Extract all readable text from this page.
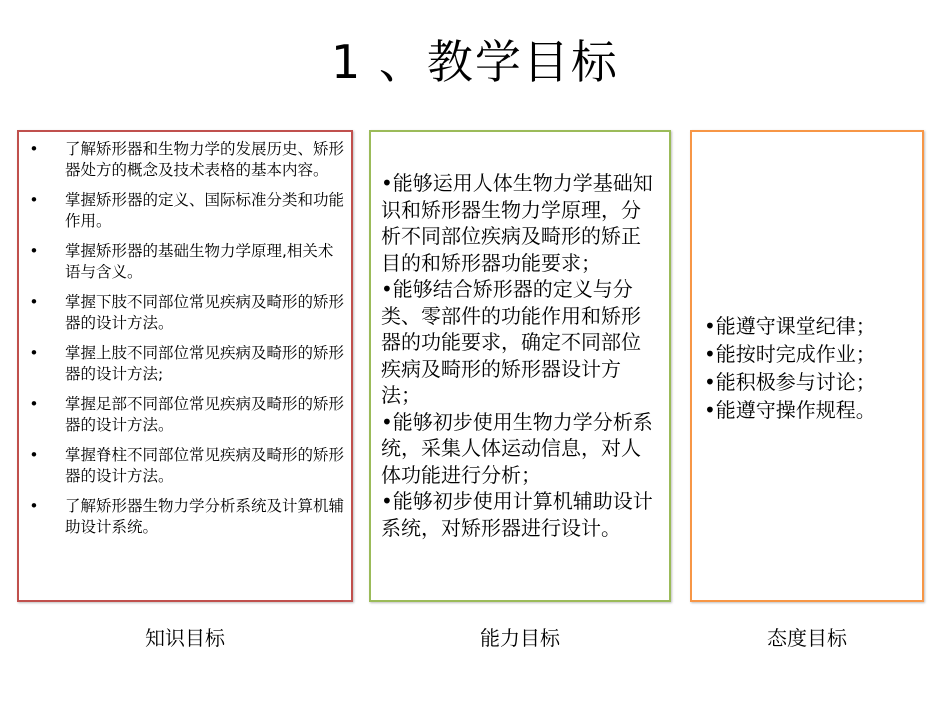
1 、教学目标
• 了解矫形器和生物力学的发展历史、矫形器处方的概念及技术表格的基本内容。
• 掌握矫形器的定义、国际标准分类和功能作用。
• 掌握矫形器的基础生物力学原理,相关术语与含义。
• 掌握下肢不同部位常见疾病及畸形的矫形器的设计方法。
• 掌握上肢不同部位常见疾病及畸形的矫形器的设计方法;
• 掌握足部不同部位常见疾病及畸形的矫形器的设计方法。
• 掌握脊柱不同部位常见疾病及畸形的矫形器的设计方法。
• 了解矫形器生物力学分析系统及计算机辅助设计系统。
•能够运用人体生物力学基础知识和矫形器生物力学原理，分析不同部位疾病及畸形的矫正目的和矫形器功能要求；
•能够结合矫形器的定义与分类、零部件的功能作用和矫形器的功能要求，确定不同部位疾病及畸形的矫形器设计方法；
•能够初步使用生物力学分析系统，采集人体运动信息，对人体功能进行分析；
•能够初步使用计算机辅助设计系统，对矫形器进行设计。
•能遵守课堂纪律；
•能按时完成作业；
•能积极参与讨论；
•能遵守操作规程。
知识目标	能力目标	态度目标
